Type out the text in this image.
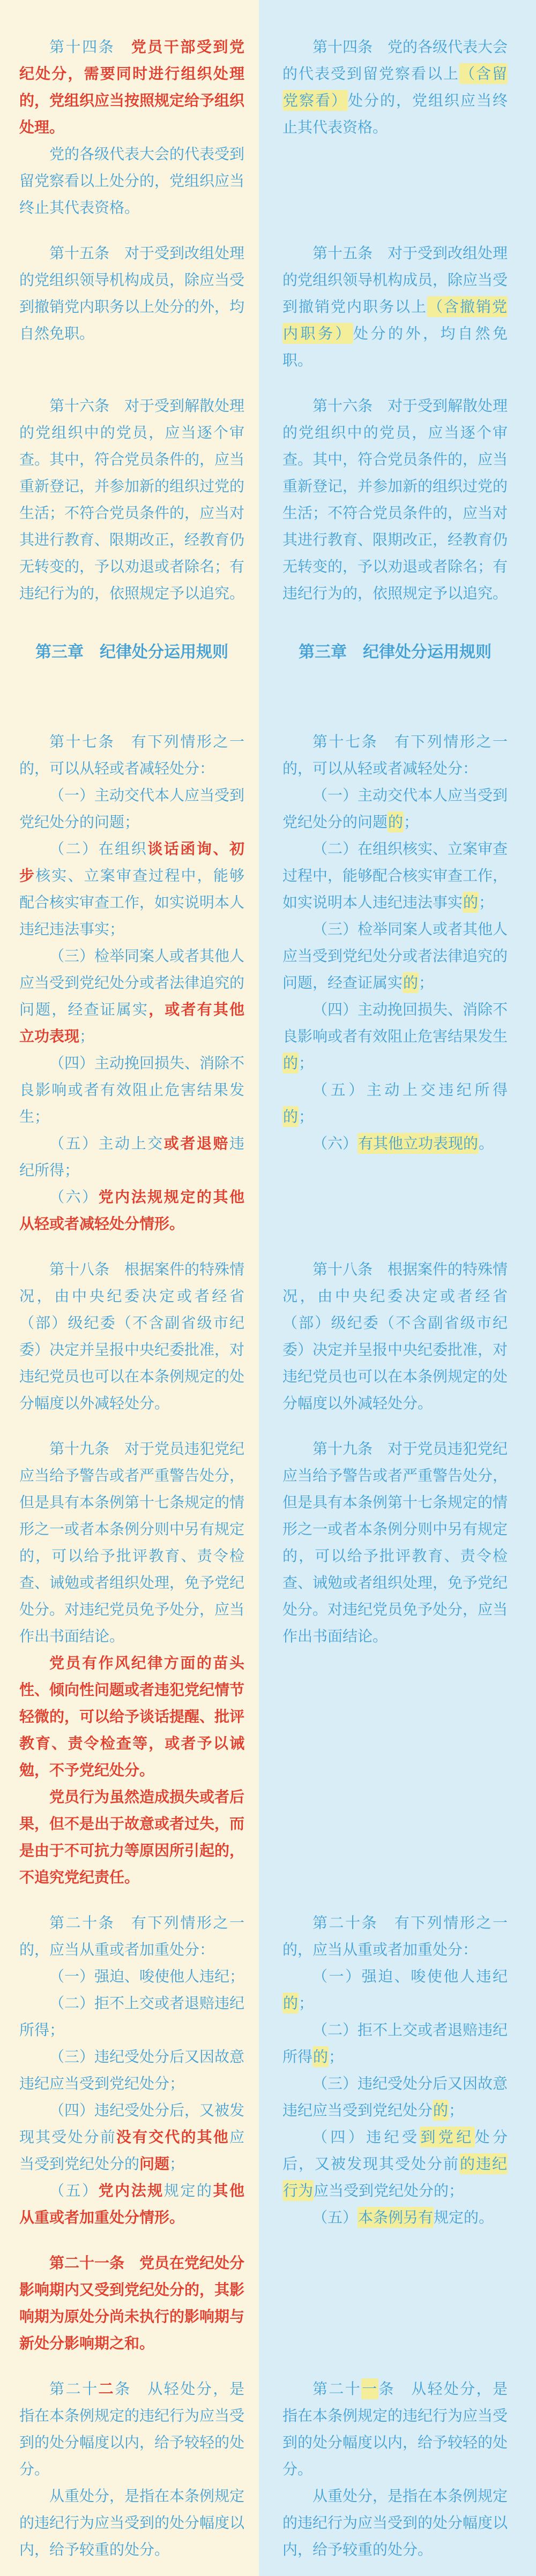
第十四条　党员干部受到党纪处分，需要同时进行组织处理的，党组织应当按照规定给予组织处理。

党的各级代表大会的代表受到留党察看以上处分的，党组织应当终止其代表资格。

第十四条　党的各级代表大会的代表受到留党察看以上（含留党察看）处分的，党组织应当终止其代表资格。

第十五条　对于受到改组处理的党组织领导机构成员，除应当受到撤销党内职务以上处分的外，均自然免职。

第十五条　对于受到改组处理的党组织领导机构成员，除应当受到撤销党内职务以上（含撤销党内职务）处分的外，均自然免职。

第十六条　对于受到解散处理的党组织中的党员，应当逐个审查。其中，符合党员条件的，应当重新登记，并参加新的组织过党的生活；不符合党员条件的，应当对其进行教育、限期改正，经教育仍无转变的，予以劝退或者除名；有违纪行为的，依照规定予以追究。

第十六条　对于受到解散处理的党组织中的党员，应当逐个审查。其中，符合党员条件的，应当重新登记，并参加新的组织过党的生活；不符合党员条件的，应当对其进行教育、限期改正，经教育仍无转变的，予以劝退或者除名；有违纪行为的，依照规定予以追究。

第三章　纪律处分运用规则	第三章　纪律处分运用规则

第十七条　有下列情形之一的，可以从轻或者减轻处分：

（一）主动交代本人应当受到党纪处分的问题；

（二）在组织谈话函询、初步核实、立案审查过程中，能够配合核实审查工作，如实说明本人违纪违法事实；

（三）检举同案人或者其他人应当受到党纪处分或者法律追究的问题，经查证属实，或者有其他立功表现；

（四）主动挽回损失、消除不良影响或者有效阻止危害结果发生；

（五）主动上交或者退赔违纪所得；

（六）党内法规规定的其他从轻或者减轻处分情形。

第十七条　有下列情形之一的，可以从轻或者减轻处分：

（一）主动交代本人应当受到党纪处分的问题的；

（二）在组织核实、立案审查过程中，能够配合核实审查工作，如实说明本人违纪违法事实的；

（三）检举同案人或者其他人应当受到党纪处分或者法律追究的问题，经查证属实的；

（四）主动挽回损失、消除不良影响或者有效阻止危害结果发生的；

（五）主动上交违纪所得的；

（六）有其他立功表现的。

第十八条　根据案件的特殊情况，由中央纪委决定或者经省（部）级纪委（不含副省级市纪委）决定并呈报中央纪委批准，对违纪党员也可以在本条例规定的处分幅度以外减轻处分。

第十八条　根据案件的特殊情况，由中央纪委决定或者经省（部）级纪委（不含副省级市纪委）决定并呈报中央纪委批准，对违纪党员也可以在本条例规定的处分幅度以外减轻处分。

第十九条　对于党员违犯党纪应当给予警告或者严重警告处分，但是具有本条例第十七条规定的情形之一或者本条例分则中另有规定的，可以给予批评教育、责令检查、诫勉或者组织处理，免予党纪处分。对违纪党员免予处分，应当作出书面结论。

党员有作风纪律方面的苗头性、倾向性问题或者违犯党纪情节轻微的，可以给予谈话提醒、批评教育、责令检查等，或者予以诫勉，不予党纪处分。

党员行为虽然造成损失或者后果，但不是出于故意或者过失，而是由于不可抗力等原因所引起的，不追究党纪责任。

第十九条　对于党员违犯党纪应当给予警告或者严重警告处分，但是具有本条例第十七条规定的情形之一或者本条例分则中另有规定的，可以给予批评教育、责令检查、诫勉或者组织处理，免予党纪处分。对违纪党员免予处分，应当作出书面结论。

第二十条　有下列情形之一的，应当从重或者加重处分：

（一）强迫、唆使他人违纪；

（二）拒不上交或者退赔违纪所得；

（三）违纪受处分后又因故意违纪应当受到党纪处分；

（四）违纪受处分后，又被发现其受处分前没有交代的其他应当受到党纪处分的问题；

（五）党内法规规定的其他从重或者加重处分情形。

第二十条　有下列情形之一的，应当从重或者加重处分：

（一）强迫、唆使他人违纪的；

（二）拒不上交或者退赔违纪所得的；

（三）违纪受处分后又因故意违纪应当受到党纪处分的；

（四）违纪受到党纪处分后，又被发现其受处分前的违纪行为应当受到党纪处分的；

（五）本条例另有规定的。

第二十一条　党员在党纪处分影响期内又受到党纪处分的，其影响期为原处分尚未执行的影响期与新处分影响期之和。

第二十二条　从轻处分，是指在本条例规定的违纪行为应当受到的处分幅度以内，给予较轻的处分。

从重处分，是指在本条例规定的违纪行为应当受到的处分幅度以内，给予较重的处分。

第二十一条　从轻处分，是指在本条例规定的违纪行为应当受到的处分幅度以内，给予较轻的处分。

从重处分，是指在本条例规定的违纪行为应当受到的处分幅度以内，给予较重的处分。
